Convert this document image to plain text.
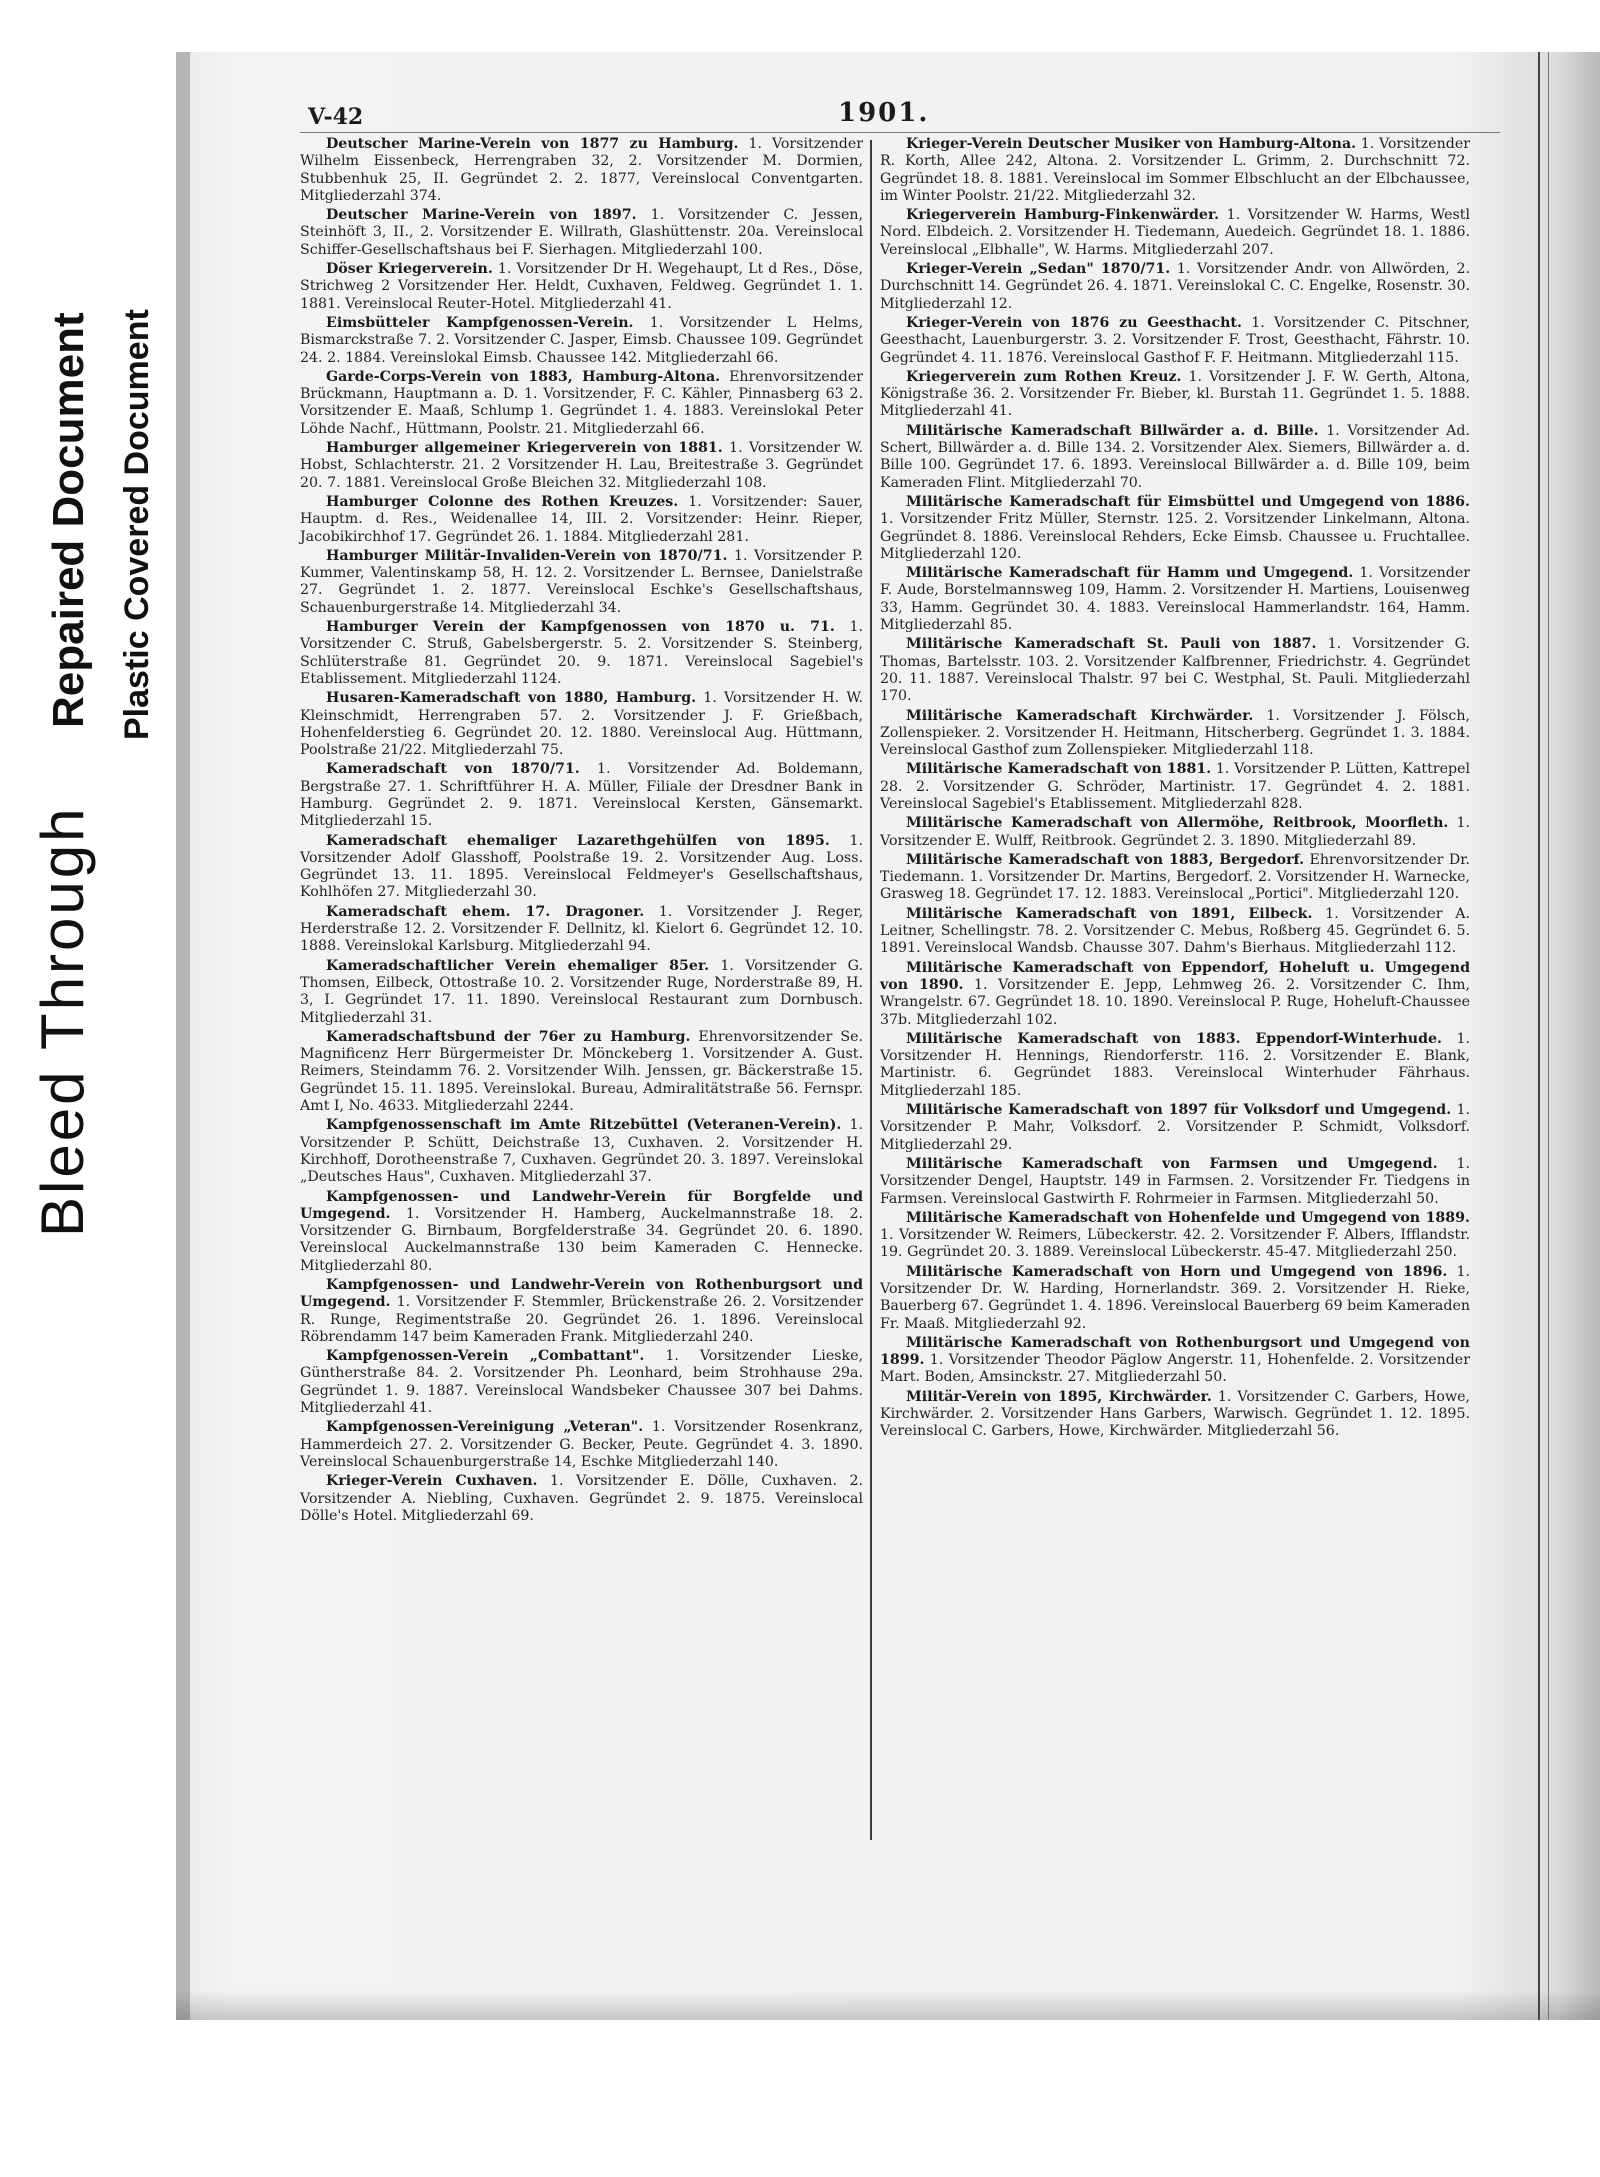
Bleed Through
Repaired Document Plastic Covered Document
V-42	1901.

Deutscher Marine-Verein von 1877 zu Hamburg. 1. Vorsitzender Wilhelm Eissenbeck, Herrengraben 32, 2. Vorsitzender M. Dormien, Stubbenhuk 25, II. Gegründet 2. 2. 1877, Vereinslocal Conventgarten. Mitgliederzahl 374.

Deutscher Marine-Verein von 1897. 1. Vorsitzender C. Jessen, Steinhöft 3, II., 2. Vorsitzender E. Willrath, Glashüttenstr. 20a. Vereinslocal Schiffer-Gesellschaftshaus bei F. Sierhagen. Mitgliederzahl 100.

Döser Kriegerverein. 1. Vorsitzender Dr H. Wegehaupt, Lt d Res., Döse, Strichweg 2 Vorsitzender Her. Heldt, Cuxhaven, Feldweg. Gegründet 1. 1. 1881. Vereinslocal Reuter-Hotel. Mitgliederzahl 41.

Eimsbütteler Kampfgenossen-Verein. 1. Vorsitzender L Helms, Bismarckstraße 7. 2. Vorsitzender C. Jasper, Eimsb. Chaussee 109. Gegründet 24. 2. 1884. Vereinslokal Eimsb. Chaussee 142. Mitgliederzahl 66.

Garde-Corps-Verein von 1883, Hamburg-Altona. Ehrenvorsitzender Brückmann, Hauptmann a. D. 1. Vorsitzender, F. C. Kähler, Pinnasberg 63 2. Vorsitzender E. Maaß, Schlump 1. Gegründet 1. 4. 1883. Vereinslokal Peter Löhde Nachf., Hüttmann, Poolstr. 21. Mitgliederzahl 66.

Hamburger allgemeiner Kriegerverein von 1881. 1. Vorsitzender W. Hobst, Schlachterstr. 21. 2 Vorsitzender H. Lau, Breitestraße 3. Gegründet 20. 7. 1881. Vereinslocal Große Bleichen 32. Mitgliederzahl 108.

Hamburger Colonne des Rothen Kreuzes. 1. Vorsitzender: Sauer, Hauptm. d. Res., Weidenallee 14, III. 2. Vorsitzender: Heinr. Rieper, Jacobikirchhof 17. Gegründet 26. 1. 1884. Mitgliederzahl 281.

Hamburger Militär-Invaliden-Verein von 1870/71. 1. Vorsitzender P. Kummer, Valentinskamp 58, H. 12. 2. Vorsitzender L. Bernsee, Danielstraße 27. Gegründet 1. 2. 1877. Vereinslocal Eschke's Gesellschaftshaus, Schauenburgerstraße 14. Mitgliederzahl 34.

Hamburger Verein der Kampfgenossen von 1870 u. 71. 1. Vorsitzender C. Struß, Gabelsbergerstr. 5. 2. Vorsitzender S. Steinberg, Schlüterstraße 81. Gegründet 20. 9. 1871. Vereinslocal Sagebiel's Etablissement. Mitgliederzahl 1124.

Husaren-Kameradschaft von 1880, Hamburg. 1. Vorsitzender H. W. Kleinschmidt, Herrengraben 57. 2. Vorsitzender J. F. Grießbach, Hohenfelderstieg 6. Gegründet 20. 12. 1880. Vereinslocal Aug. Hüttmann, Poolstraße 21/22. Mitgliederzahl 75.

Kameradschaft von 1870/71. 1. Vorsitzender Ad. Boldemann, Bergstraße 27. 1. Schriftführer H. A. Müller, Filiale der Dresdner Bank in Hamburg. Gegründet 2. 9. 1871. Vereinslocal Kersten, Gänsemarkt. Mitgliederzahl 15.

Kameradschaft ehemaliger Lazarethgehülfen von 1895. 1. Vorsitzender Adolf Glasshoff, Poolstraße 19. 2. Vorsitzender Aug. Loss. Gegründet 13. 11. 1895. Vereinslocal Feldmeyer's Gesellschaftshaus, Kohlhöfen 27. Mitgliederzahl 30.

Kameradschaft ehem. 17. Dragoner. 1. Vorsitzender J. Reger, Herderstraße 12. 2. Vorsitzender F. Dellnitz, kl. Kielort 6. Gegründet 12. 10. 1888. Vereinslokal Karlsburg. Mitgliederzahl 94.

Kameradschaftlicher Verein ehemaliger 85er. 1. Vorsitzender G. Thomsen, Eilbeck, Ottostraße 10. 2. Vorsitzender Ruge, Norderstraße 89, H. 3, I. Gegründet 17. 11. 1890. Vereinslocal Restaurant zum Dornbusch. Mitgliederzahl 31.

Kameradschaftsbund der 76er zu Hamburg. Ehrenvorsitzender Se. Magnificenz Herr Bürgermeister Dr. Mönckeberg 1. Vorsitzender A. Gust. Reimers, Steindamm 76. 2. Vorsitzender Wilh. Jenssen, gr. Bäckerstraße 15. Gegründet 15. 11. 1895. Vereinslokal. Bureau, Admiralitätstraße 56. Fernspr. Amt I, No. 4633. Mitgliederzahl 2244.

Kampfgenossenschaft im Amte Ritzebüttel (Veteranen-Verein). 1. Vorsitzender P. Schütt, Deichstraße 13, Cuxhaven. 2. Vorsitzender H. Kirchhoff, Dorotheenstraße 7, Cuxhaven. Gegründet 20. 3. 1897. Vereinslokal „Deutsches Haus", Cuxhaven. Mitgliederzahl 37.

Kampfgenossen- und Landwehr-Verein für Borgfelde und Umgegend. 1. Vorsitzender H. Hamberg, Auckelmannstraße 18. 2. Vorsitzender G. Birnbaum, Borgfelderstraße 34. Gegründet 20. 6. 1890. Vereinslocal Auckelmannstraße 130 beim Kameraden C. Hennecke. Mitgliederzahl 80.

Kampfgenossen- und Landwehr-Verein von Rothenburgsort und Umgegend. 1. Vorsitzender F. Stemmler, Brückenstraße 26. 2. Vorsitzender R. Runge, Regimentstraße 20. Gegründet 26. 1. 1896. Vereinslocal Röbrendamm 147 beim Kameraden Frank. Mitgliederzahl 240.

Kampfgenossen-Verein „Combattant". 1. Vorsitzender Lieske, Güntherstraße 84. 2. Vorsitzender Ph. Leonhard, beim Strohhause 29a. Gegründet 1. 9. 1887. Vereinslocal Wandsbeker Chaussee 307 bei Dahms. Mitgliederzahl 41.

Kampfgenossen-Vereinigung „Veteran". 1. Vorsitzender Rosenkranz, Hammerdeich 27. 2. Vorsitzender G. Becker, Peute. Gegründet 4. 3. 1890. Vereinslocal Schauenburgerstraße 14, Eschke Mitgliederzahl 140.

Krieger-Verein Cuxhaven. 1. Vorsitzender E. Dölle, Cuxhaven. 2. Vorsitzender A. Niebling, Cuxhaven. Gegründet 2. 9. 1875. Vereinslocal Dölle's Hotel. Mitgliederzahl 69.

Krieger-Verein Deutscher Musiker von Hamburg-Altona. 1. Vorsitzender R. Korth, Allee 242, Altona. 2. Vorsitzender L. Grimm, 2. Durchschnitt 72. Gegründet 18. 8. 1881. Vereinslocal im Sommer Elbschlucht an der Elbchaussee, im Winter Poolstr. 21/22. Mitgliederzahl 32.

Kriegerverein Hamburg-Finkenwärder. 1. Vorsitzender W. Harms, Westl Nord. Elbdeich. 2. Vorsitzender H. Tiedemann, Auedeich. Gegründet 18. 1. 1886. Vereinslocal „Elbhalle", W. Harms. Mitgliederzahl 207.

Krieger-Verein „Sedan" 1870/71. 1. Vorsitzender Andr. von Allwörden, 2. Durchschnitt 14. Gegründet 26. 4. 1871. Vereinslokal C. C. Engelke, Rosenstr. 30. Mitgliederzahl 12.

Krieger-Verein von 1876 zu Geesthacht. 1. Vorsitzender C. Pitschner, Geesthacht, Lauenburgerstr. 3. 2. Vorsitzender F. Trost, Geesthacht, Fährstr. 10. Gegründet 4. 11. 1876. Vereinslocal Gasthof F. F. Heitmann. Mitgliederzahl 115.

Kriegerverein zum Rothen Kreuz. 1. Vorsitzender J. F. W. Gerth, Altona, Königstraße 36. 2. Vorsitzender Fr. Bieber, kl. Burstah 11. Gegründet 1. 5. 1888. Mitgliederzahl 41.

Militärische Kameradschaft Billwärder a. d. Bille. 1. Vorsitzender Ad. Schert, Billwärder a. d. Bille 134. 2. Vorsitzender Alex. Siemers, Billwärder a. d. Bille 100. Gegründet 17. 6. 1893. Vereinslocal Billwärder a. d. Bille 109, beim Kameraden Flint. Mitgliederzahl 70.

Militärische Kameradschaft für Eimsbüttel und Umgegend von 1886. 1. Vorsitzender Fritz Müller, Sternstr. 125. 2. Vorsitzender Linkelmann, Altona. Gegründet 8. 1886. Vereinslocal Rehders, Ecke Eimsb. Chaussee u. Fruchtallee. Mitgliederzahl 120.

Militärische Kameradschaft für Hamm und Umgegend. 1. Vorsitzender F. Aude, Borstelmannsweg 109, Hamm. 2. Vorsitzender H. Martiens, Louisenweg 33, Hamm. Gegründet 30. 4. 1883. Vereinslocal Hammerlandstr. 164, Hamm. Mitgliederzahl 85.

Militärische Kameradschaft St. Pauli von 1887. 1. Vorsitzender G. Thomas, Bartelsstr. 103. 2. Vorsitzender Kalfbrenner, Friedrichstr. 4. Gegründet 20. 11. 1887. Vereinslocal Thalstr. 97 bei C. Westphal, St. Pauli. Mitgliederzahl 170.

Militärische Kameradschaft Kirchwärder. 1. Vorsitzender J. Fölsch, Zollenspieker. 2. Vorsitzender H. Heitmann, Hitscherberg. Gegründet 1. 3. 1884. Vereinslocal Gasthof zum Zollenspieker. Mitgliederzahl 118.

Militärische Kameradschaft von 1881. 1. Vorsitzender P. Lütten, Kattrepel 28. 2. Vorsitzender G. Schröder, Martinistr. 17. Gegründet 4. 2. 1881. Vereinslocal Sagebiel's Etablissement. Mitgliederzahl 828.

Militärische Kameradschaft von Allermöhe, Reitbrook, Moorfleth. 1. Vorsitzender E. Wulff, Reitbrook. Gegründet 2. 3. 1890. Mitgliederzahl 89.

Militärische Kameradschaft von 1883, Bergedorf. Ehrenvorsitzender Dr. Tiedemann. 1. Vorsitzender Dr. Martins, Bergedorf. 2. Vorsitzender H. Warnecke, Grasweg 18. Gegründet 17. 12. 1883. Vereinslocal „Portici". Mitgliederzahl 120.

Militärische Kameradschaft von 1891, Eilbeck. 1. Vorsitzender A. Leitner, Schellingstr. 78. 2. Vorsitzender C. Mebus, Roßberg 45. Gegründet 6. 5. 1891. Vereinslocal Wandsb. Chausse 307. Dahm's Bierhaus. Mitgliederzahl 112.

Militärische Kameradschaft von Eppendorf, Hoheluft u. Umgegend von 1890. 1. Vorsitzender E. Jepp, Lehmweg 26. 2. Vorsitzender C. Ihm, Wrangelstr. 67. Gegründet 18. 10. 1890. Vereinslocal P. Ruge, Hoheluft-Chaussee 37b. Mitgliederzahl 102.

Militärische Kameradschaft von 1883. Eppendorf-Winterhude. 1. Vorsitzender H. Hennings, Riendorferstr. 116. 2. Vorsitzender E. Blank, Martinistr. 6. Gegründet 1883. Vereinslocal Winterhuder Fährhaus. Mitgliederzahl 185.

Militärische Kameradschaft von 1897 für Volksdorf und Umgegend. 1. Vorsitzender P. Mahr, Volksdorf. 2. Vorsitzender P. Schmidt, Volksdorf. Mitgliederzahl 29.

Militärische Kameradschaft von Farmsen und Umgegend. 1. Vorsitzender Dengel, Hauptstr. 149 in Farmsen. 2. Vorsitzender Fr. Tiedgens in Farmsen. Vereinslocal Gastwirth F. Rohrmeier in Farmsen. Mitgliederzahl 50.

Militärische Kameradschaft von Hohenfelde und Umgegend von 1889. 1. Vorsitzender W. Reimers, Lübeckerstr. 42. 2. Vorsitzender F. Albers, Ifflandstr. 19. Gegründet 20. 3. 1889. Vereinslocal Lübeckerstr. 45-47. Mitgliederzahl 250.

Militärische Kameradschaft von Horn und Umgegend von 1896. 1. Vorsitzender Dr. W. Harding, Hornerlandstr. 369. 2. Vorsitzender H. Rieke, Bauerberg 67. Gegründet 1. 4. 1896. Vereinslocal Bauerberg 69 beim Kameraden Fr. Maaß. Mitgliederzahl 92.

Militärische Kameradschaft von Rothenburgsort und Umgegend von 1899. 1. Vorsitzender Theodor Päglow Angerstr. 11, Hohenfelde. 2. Vorsitzender Mart. Boden, Amsinckstr. 27. Mitgliederzahl 50.

Militär-Verein von 1895, Kirchwärder. 1. Vorsitzender C. Garbers, Howe, Kirchwärder. 2. Vorsitzender Hans Garbers, Warwisch. Gegründet 1. 12. 1895. Vereinslocal C. Garbers, Howe, Kirchwärder. Mitgliederzahl 56.
